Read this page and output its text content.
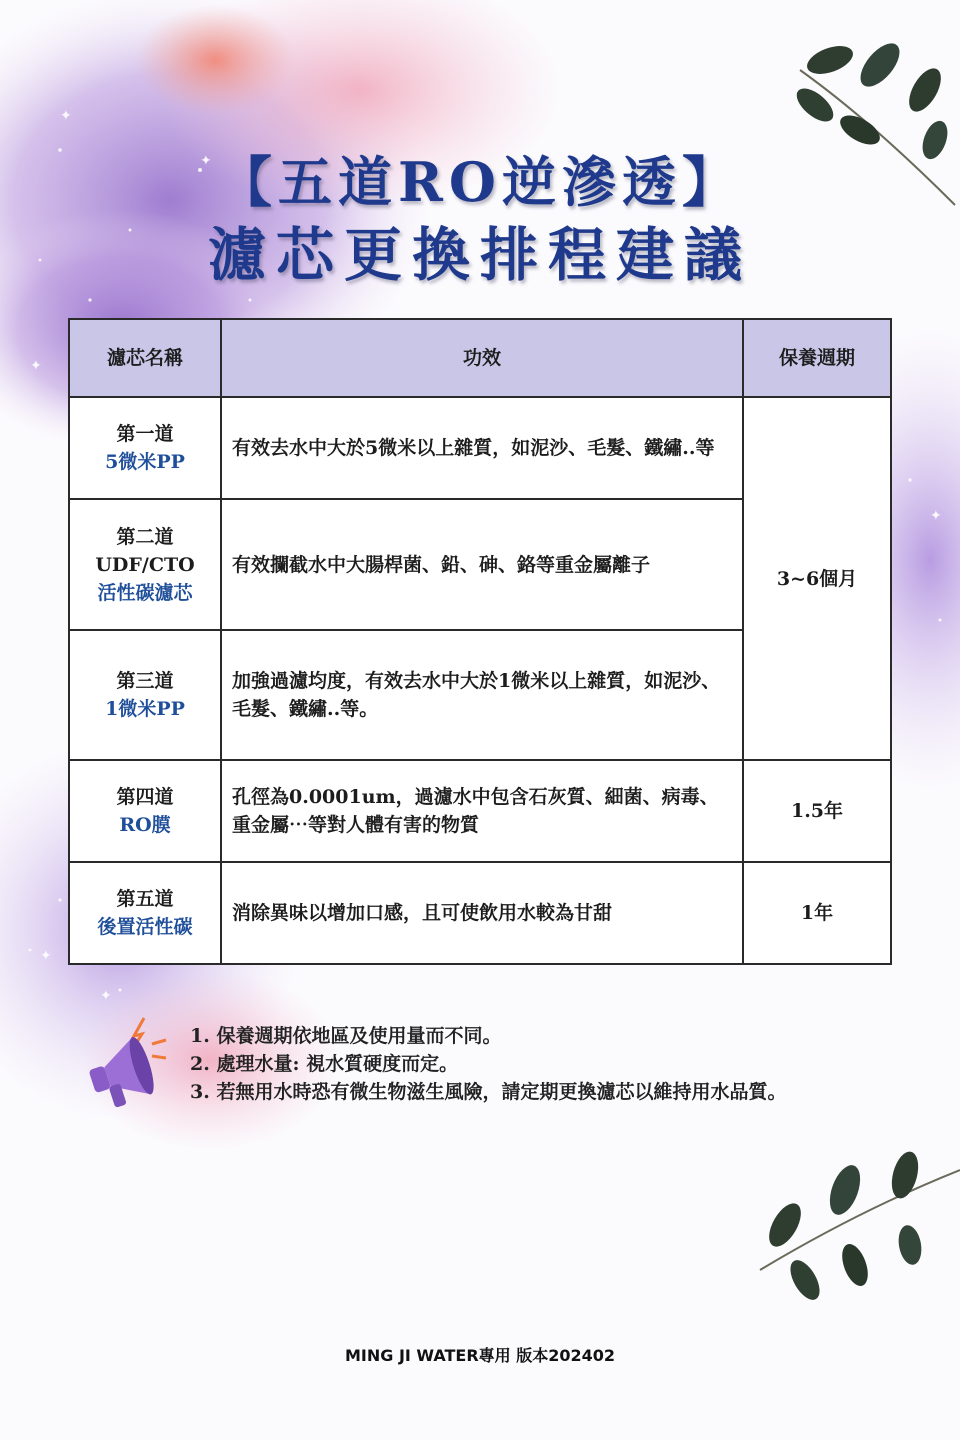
✦
✦
✦
✦
✦
✦
【五道RO逆滲透】
濾芯更換排程建議
濾芯名稱	功效	保養週期

第一道
5微米PP	有效去水中大於5微米以上雜質，如泥沙、毛髮、鐵繡..等	3~6個月

第二道
UDF/CTO
活性碳濾芯	有效攔截水中大腸桿菌、鉛、砷、鉻等重金屬離子	

第三道
1微米PP	加強過濾均度，有效去水中大於1微米以上雜質，如泥沙、毛髮、鐵繡..等。	

第四道
RO膜	孔徑為0.0001um，過濾水中包含石灰質、細菌、病毒、重金屬⋯等對人體有害的物質	1.5年

第五道
後置活性碳	消除異味以增加口感，且可使飲用水較為甘甜	1年
1. 保養週期依地區及使用量而不同。
2. 處理水量: 視水質硬度而定。
3. 若無用水時恐有微生物滋生風險，請定期更換濾芯以維持用水品質。
MING JI WATER專用 版本202402
